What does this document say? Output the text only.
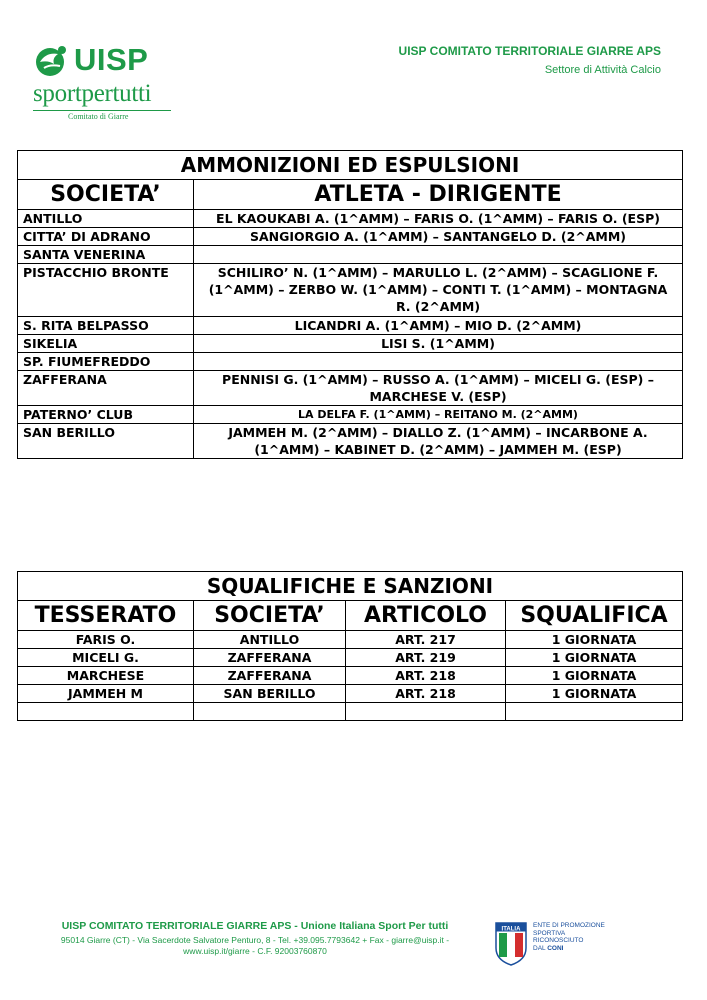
UISP
sportpertutti
Comitato di Giarre
UISP COMITATO TERRITORIALE GIARRE APS
Settore di Attività Calcio
AMMONIZIONI ED ESPULSIONI	
SOCIETA’	ATLETA - DIRIGENTE
ANTILLO	EL KAOUKABI A. (1^AMM) – FARIS O. (1^AMM) – FARIS O. (ESP)
CITTA’ DI ADRANO	SANGIORGIO A. (1^AMM) – SANTANGELO D. (2^AMM)
SANTA VENERINA	
PISTACCHIO BRONTE	SCHILIRO’ N. (1^AMM) – MARULLO L. (2^AMM) – SCAGLIONE F. (1^AMM) – ZERBO W. (1^AMM) – CONTI T. (1^AMM) – MONTAGNA R. (2^AMM)
S. RITA BELPASSO	LICANDRI A. (1^AMM) – MIO D. (2^AMM)
SIKELIA	LISI S. (1^AMM)
SP. FIUMEFREDDO	
ZAFFERANA	PENNISI G. (1^AMM) – RUSSO A. (1^AMM) – MICELI G. (ESP) – MARCHESE V. (ESP)
PATERNO’ CLUB	LA DELFA F. (1^AMM) – REITANO M. (2^AMM)
SAN BERILLO	JAMMEH M. (2^AMM) – DIALLO Z. (1^AMM) – INCARBONE A. (1^AMM) – KABINET D. (2^AMM) – JAMMEH M. (ESP)
SQUALIFICHE E SANZIONI			
TESSERATO	SOCIETA’	ARTICOLO	SQUALIFICA
FARIS O.	ANTILLO	ART. 217	1 GIORNATA
MICELI G.	ZAFFERANA	ART. 219	1 GIORNATA
MARCHESE	ZAFFERANA	ART. 218	1 GIORNATA
JAMMEH M	SAN BERILLO	ART. 218	1 GIORNATA

UISP COMITATO TERRITORIALE GIARRE APS - Unione Italiana Sport Per tutti
95014 Giarre (CT) - Via Sacerdote Salvatore Penturo, 8 - Tel. +39.095.7793642 + Fax - giarre@uisp.it - www.uisp.it/giarre - C.F. 92003760870
ITALIA
ENTE DI PROMOZIONE
SPORTIVA
RICONOSCIUTO
DAL CONI
